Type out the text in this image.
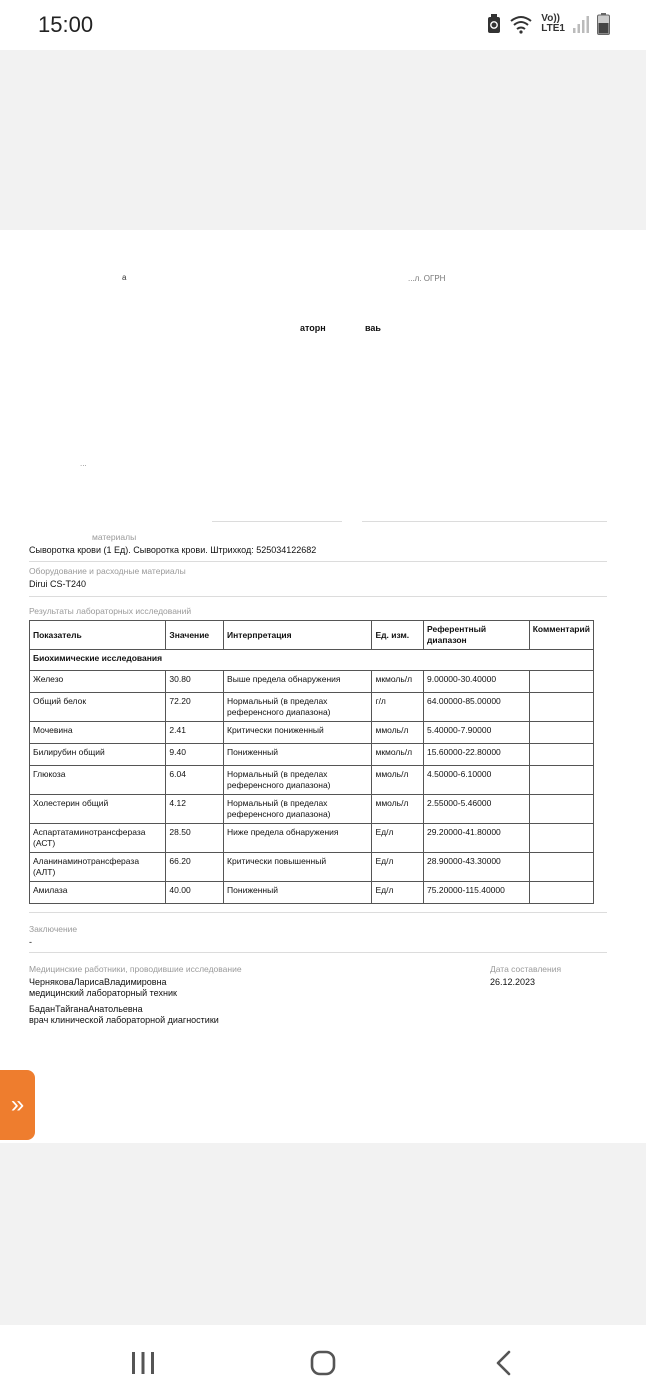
15:00	Vo))
LTE1
а	...л. ОГРН
аторн	ваь
...
материалы
Сыворотка крови (1 Ед). Сыворотка крови. Штрихкод: 525034122682
Оборудование и расходные материалы
Dirui CS-T240
Результаты лабораторных исследований
Показатель	Значение	Интерпретация	Ед. изм.	Референтный диапазон	Комментарий
Биохимические исследования					
Железо	30.80	Выше предела обнаружения	мкмоль/л	9.00000-30.40000	
Общий белок	72.20	Нормальный (в пределах референсного диапазона)	г/л	64.00000-85.00000	
Мочевина	2.41	Критически пониженный	ммоль/л	5.40000-7.90000	
Билирубин общий	9.40	Пониженный	мкмоль/л	15.60000-22.80000	
Глюкоза	6.04	Нормальный (в пределах референсного диапазона)	ммоль/л	4.50000-6.10000	
Холестерин общий	4.12	Нормальный (в пределах референсного диапазона)	ммоль/л	2.55000-5.46000	
Аспартатаминотрансфераза (АСТ)	28.50	Ниже предела обнаружения	Ед/л	29.20000-41.80000	
Аланинаминотрансфераза (АЛТ)	66.20	Критически повышенный	Ед/л	28.90000-43.30000	
Амилаза	40.00	Пониженный	Ед/л	75.20000-115.40000	
Заключение
-
Медицинские работники, проводившие исследование
ЧерняковаЛарисаВладимировна
медицинский лабораторный техник
БаданТайганаАнатольевна
врач клинической лабораторной диагностики
Дата составления
26.12.2023
»
